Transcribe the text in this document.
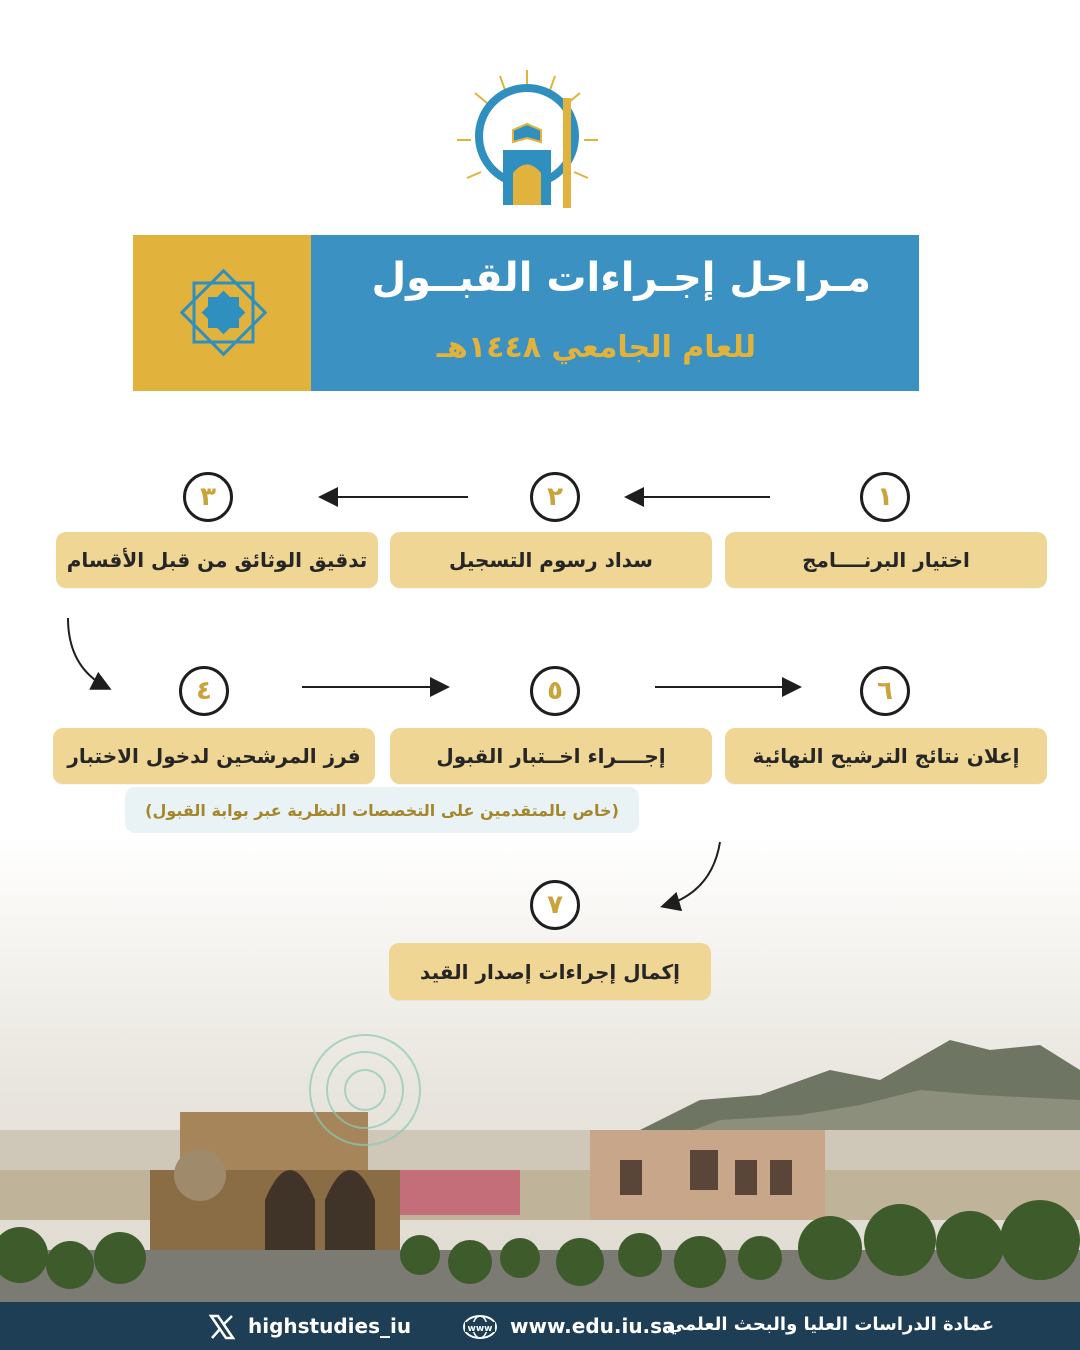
مـراحل إجـراءات القبــول
للعام الجامعي ١٤٤٨هـ
١
٢
٣
٤	٥	٦
٧
اختيار البرنــــامج
سداد رسوم التسجيل
تدقيق الوثائق من قبل الأقسام
فرز المرشحين لدخول الاختبار	إجــــراء اخــتبار القبول	إعلان نتائج الترشيح النهائية
(خاص بالمتقدمين على التخصصات النظرية عبر بوابة القبول)
إكمال إجراءات إصدار القيد
عمادة الدراسات العليا والبحث العلمي
www www.edu.iu.sa
highstudies_iu
